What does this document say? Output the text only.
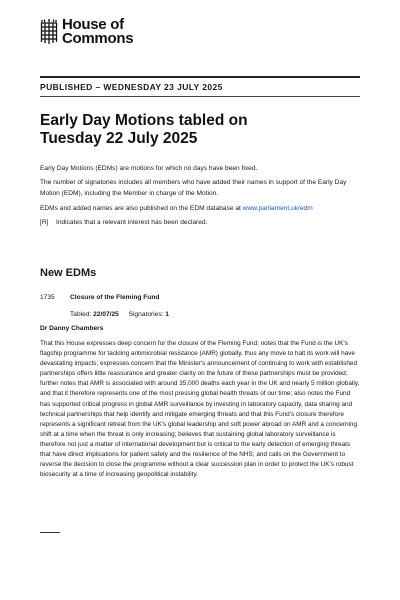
House of
Commons
PUBLISHED – WEDNESDAY 23 JULY 2025
Early Day Motions tabled on
Tuesday 22 July 2025

Early Day Motions (EDMs) are motions for which no days have been fixed.

The number of signatories includes all members who have added their names in support of the Early Day Motion (EDM), including the Member in charge of the Motion.

EDMs and added names are also published on the EDM database at www.parliament.uk/edm

[R] Indicates that a relevant interest has been declared.

New EDMs
1735 Closure of the Fleming Fund
Tabled: 22/07/25 Signatories: 1
Dr Danny Chambers

That this House expresses deep concern for the closure of the Fleming Fund; notes that the Fund is the UK's flagship programme for tackling antimicrobial resistance (AMR) globally, thus any move to halt its work will have devastating impacts; expresses concern that the Minister's announcement of continuing to work with established partnerships offers little reassurance and greater clarity on the future of these partnerships must be provided; further notes that AMR is associated with around 35,000 deaths each year in the UK and nearly 5 million globally, and that it therefore represents one of the most pressing global health threats of our time; also notes the Fund has supported critical progress in global AMR surveillance by investing in laboratory capacity, data sharing and technical partnerships that help identify and mitigate emerging threats and that this Fund's closure therefore represents a significant retreat from the UK's global leadership and soft power abroad on AMR and a concerning shift at a time when the threat is only increasing; believes that sustaining global laboratory surveillance is therefore not just a matter of international development but is critical to the early detection of emerging threats that have direct implications for patient safety and the resilience of the NHS; and calls on the Government to reverse the decision to close the programme without a clear succession plan in order to protect the UK's robust biosecurity at a time of increasing geopolitical instability.
